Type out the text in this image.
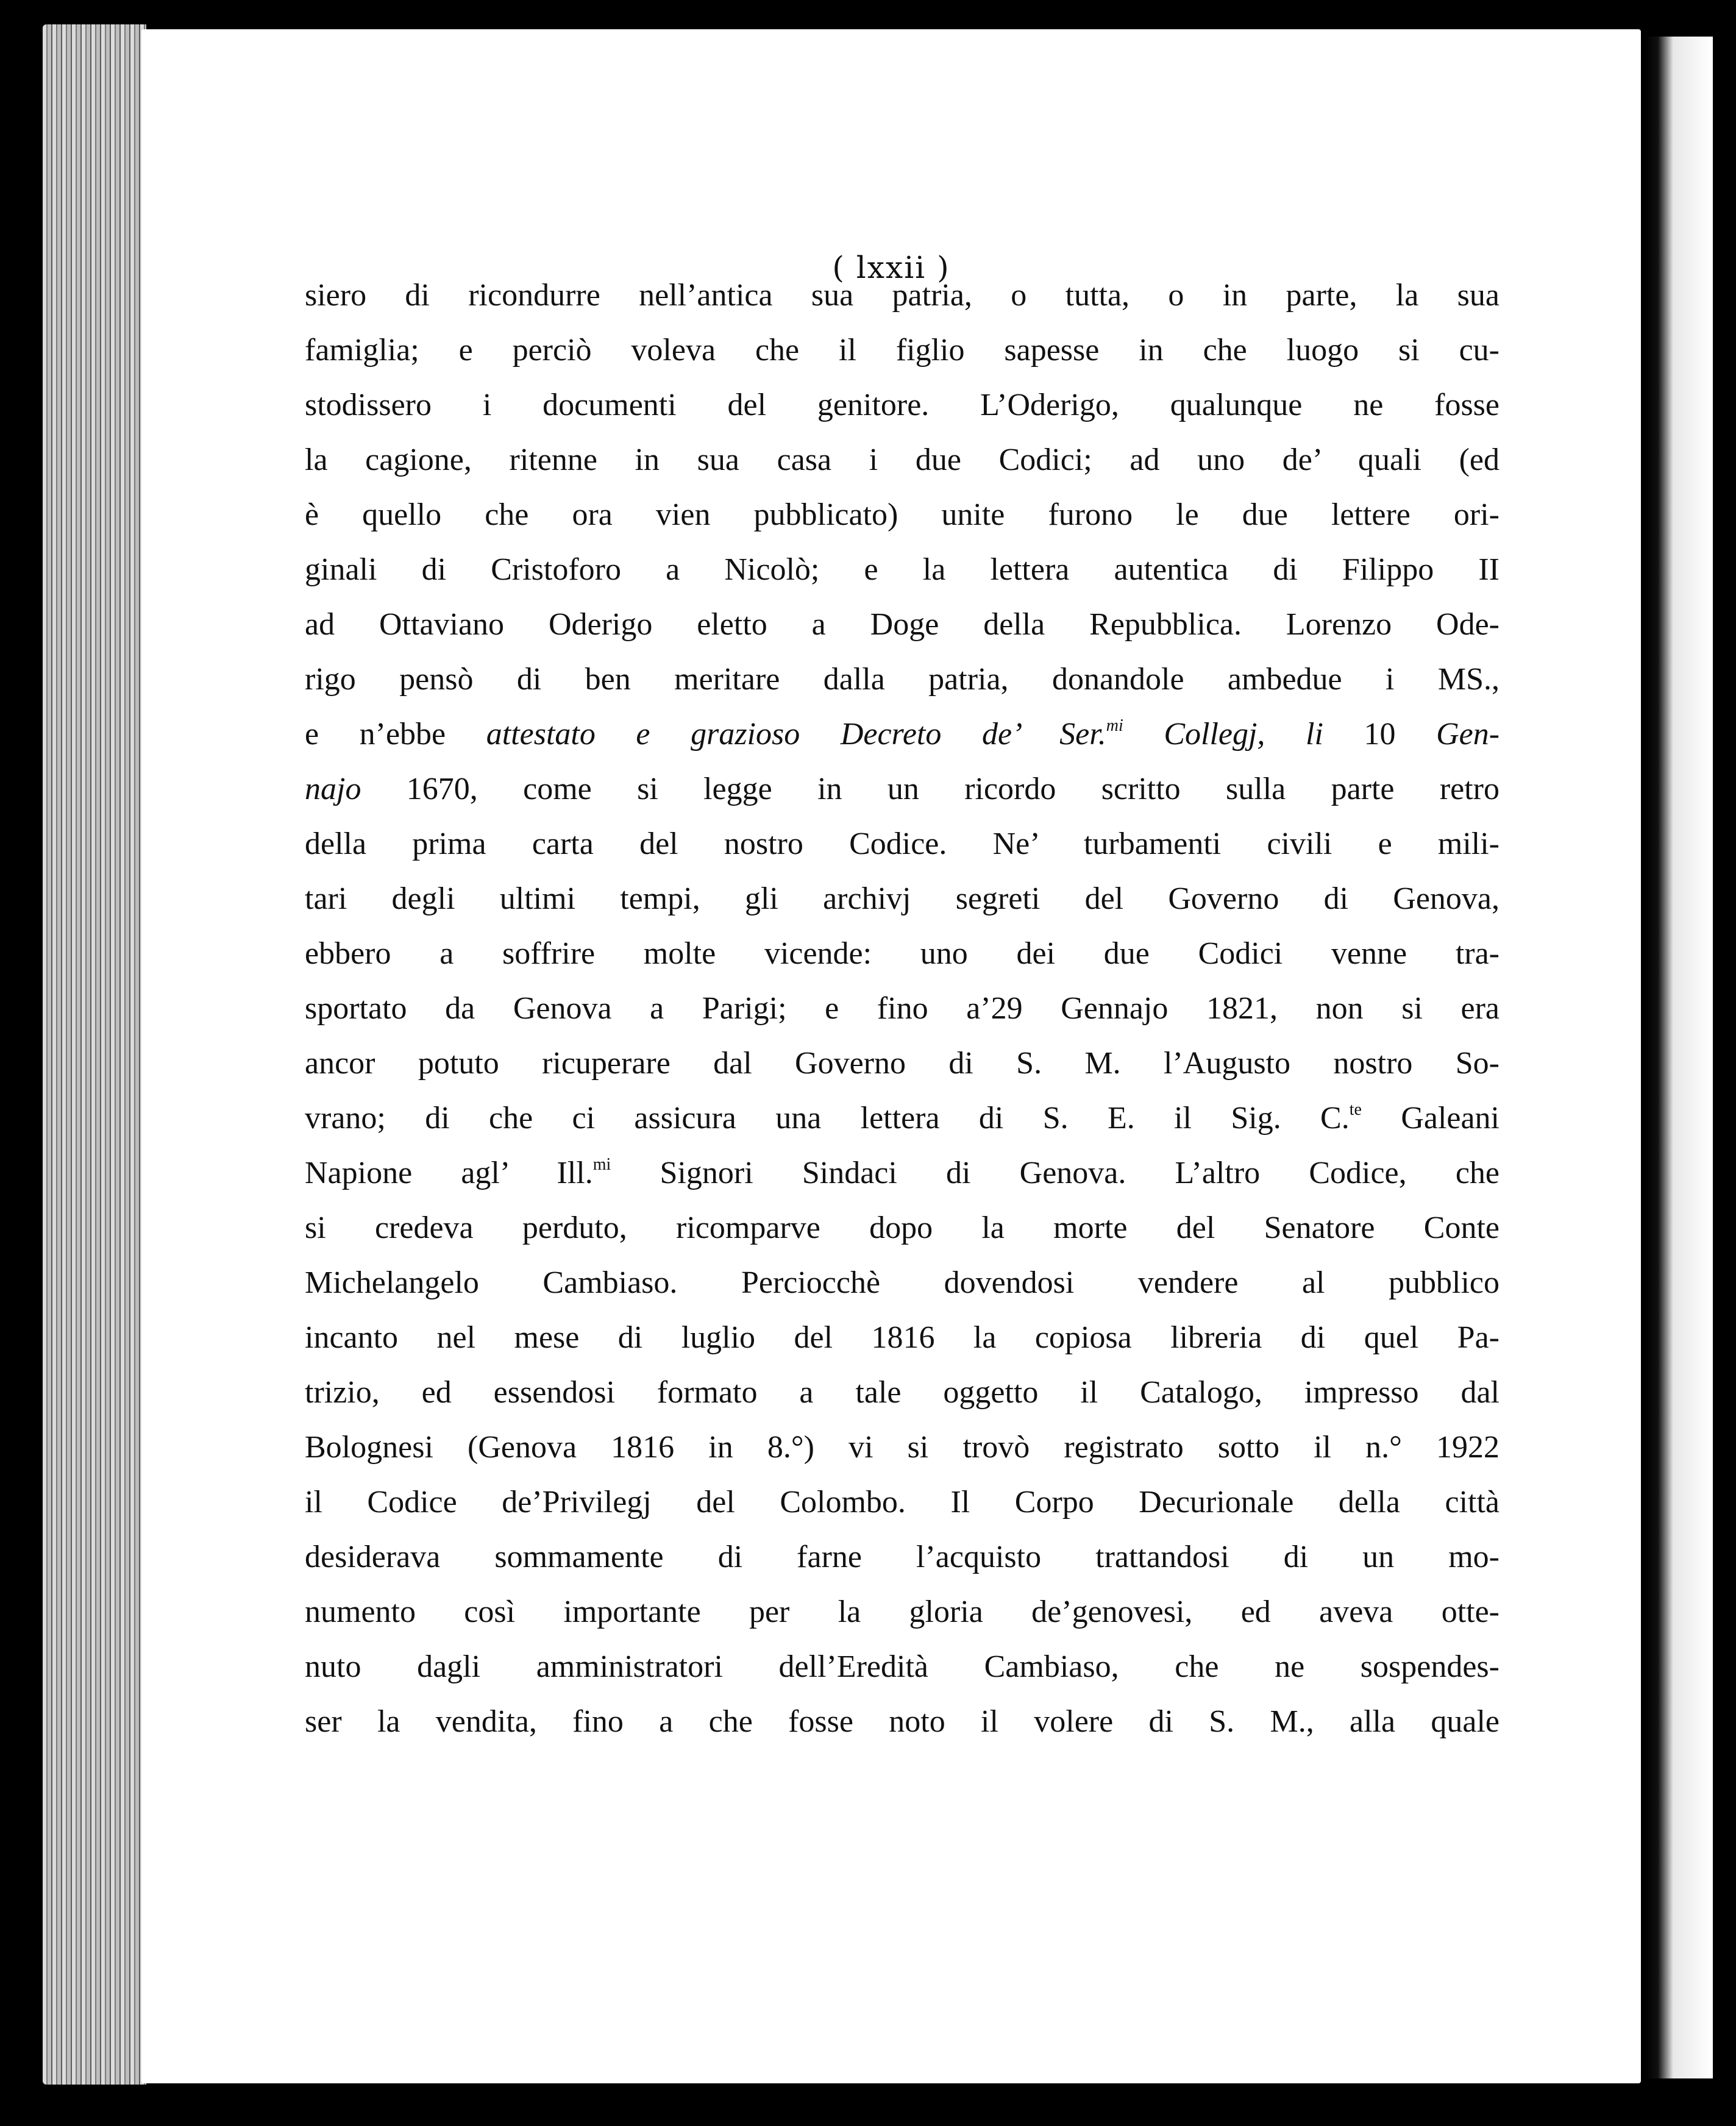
( lxxii )
siero di ricondurre nell’antica sua patria, o tutta, o in parte, la sua
famiglia; e perciò voleva che il figlio sapesse in che luogo si cu-
stodissero i documenti del genitore. L’Oderigo, qualunque ne fosse
la cagione, ritenne in sua casa i due Codici; ad uno de’ quali (ed
è quello che ora vien pubblicato) unite furono le due lettere ori-
ginali di Cristoforo a Nicolò; e la lettera autentica di Filippo II
ad Ottaviano Oderigo eletto a Doge della Repubblica. Lorenzo Ode-
rigo pensò di ben meritare dalla patria, donandole ambedue i MS.,
e n’ebbe attestato e grazioso Decreto de’ Ser.$^{mi}$ Collegj, li 10 Gen-
najo 1670, come si legge in un ricordo scritto sulla parte retro
della prima carta del nostro Codice. Ne’ turbamenti civili e mili-
tari degli ultimi tempi, gli archivj segreti del Governo di Genova,
ebbero a soffrire molte vicende: uno dei due Codici venne tra-
sportato da Genova a Parigi; e fino a’29 Gennajo 1821, non si era
ancor potuto ricuperare dal Governo di S. M. l’Augusto nostro So-
vrano; di che ci assicura una lettera di S. E. il Sig. C.$^{te}$ Galeani
Napione agl’ Ill.$^{mi}$ Signori Sindaci di Genova. L’altro Codice, che
si credeva perduto, ricomparve dopo la morte del Senatore Conte
Michelangelo Cambiaso. Perciocchè dovendosi vendere al pubblico
incanto nel mese di luglio del 1816 la copiosa libreria di quel Pa-
trizio, ed essendosi formato a tale oggetto il Catalogo, impresso dal
Bolognesi (Genova 1816 in 8.°) vi si trovò registrato sotto il n.° 1922
il Codice de’Privilegj del Colombo. Il Corpo Decurionale della città
desiderava sommamente di farne l’acquisto trattandosi di un mo-
numento così importante per la gloria de’genovesi, ed aveva otte-
nuto dagli amministratori dell’Eredità Cambiaso, che ne sospendes-
ser la vendita, fino a che fosse noto il volere di S. M., alla quale
